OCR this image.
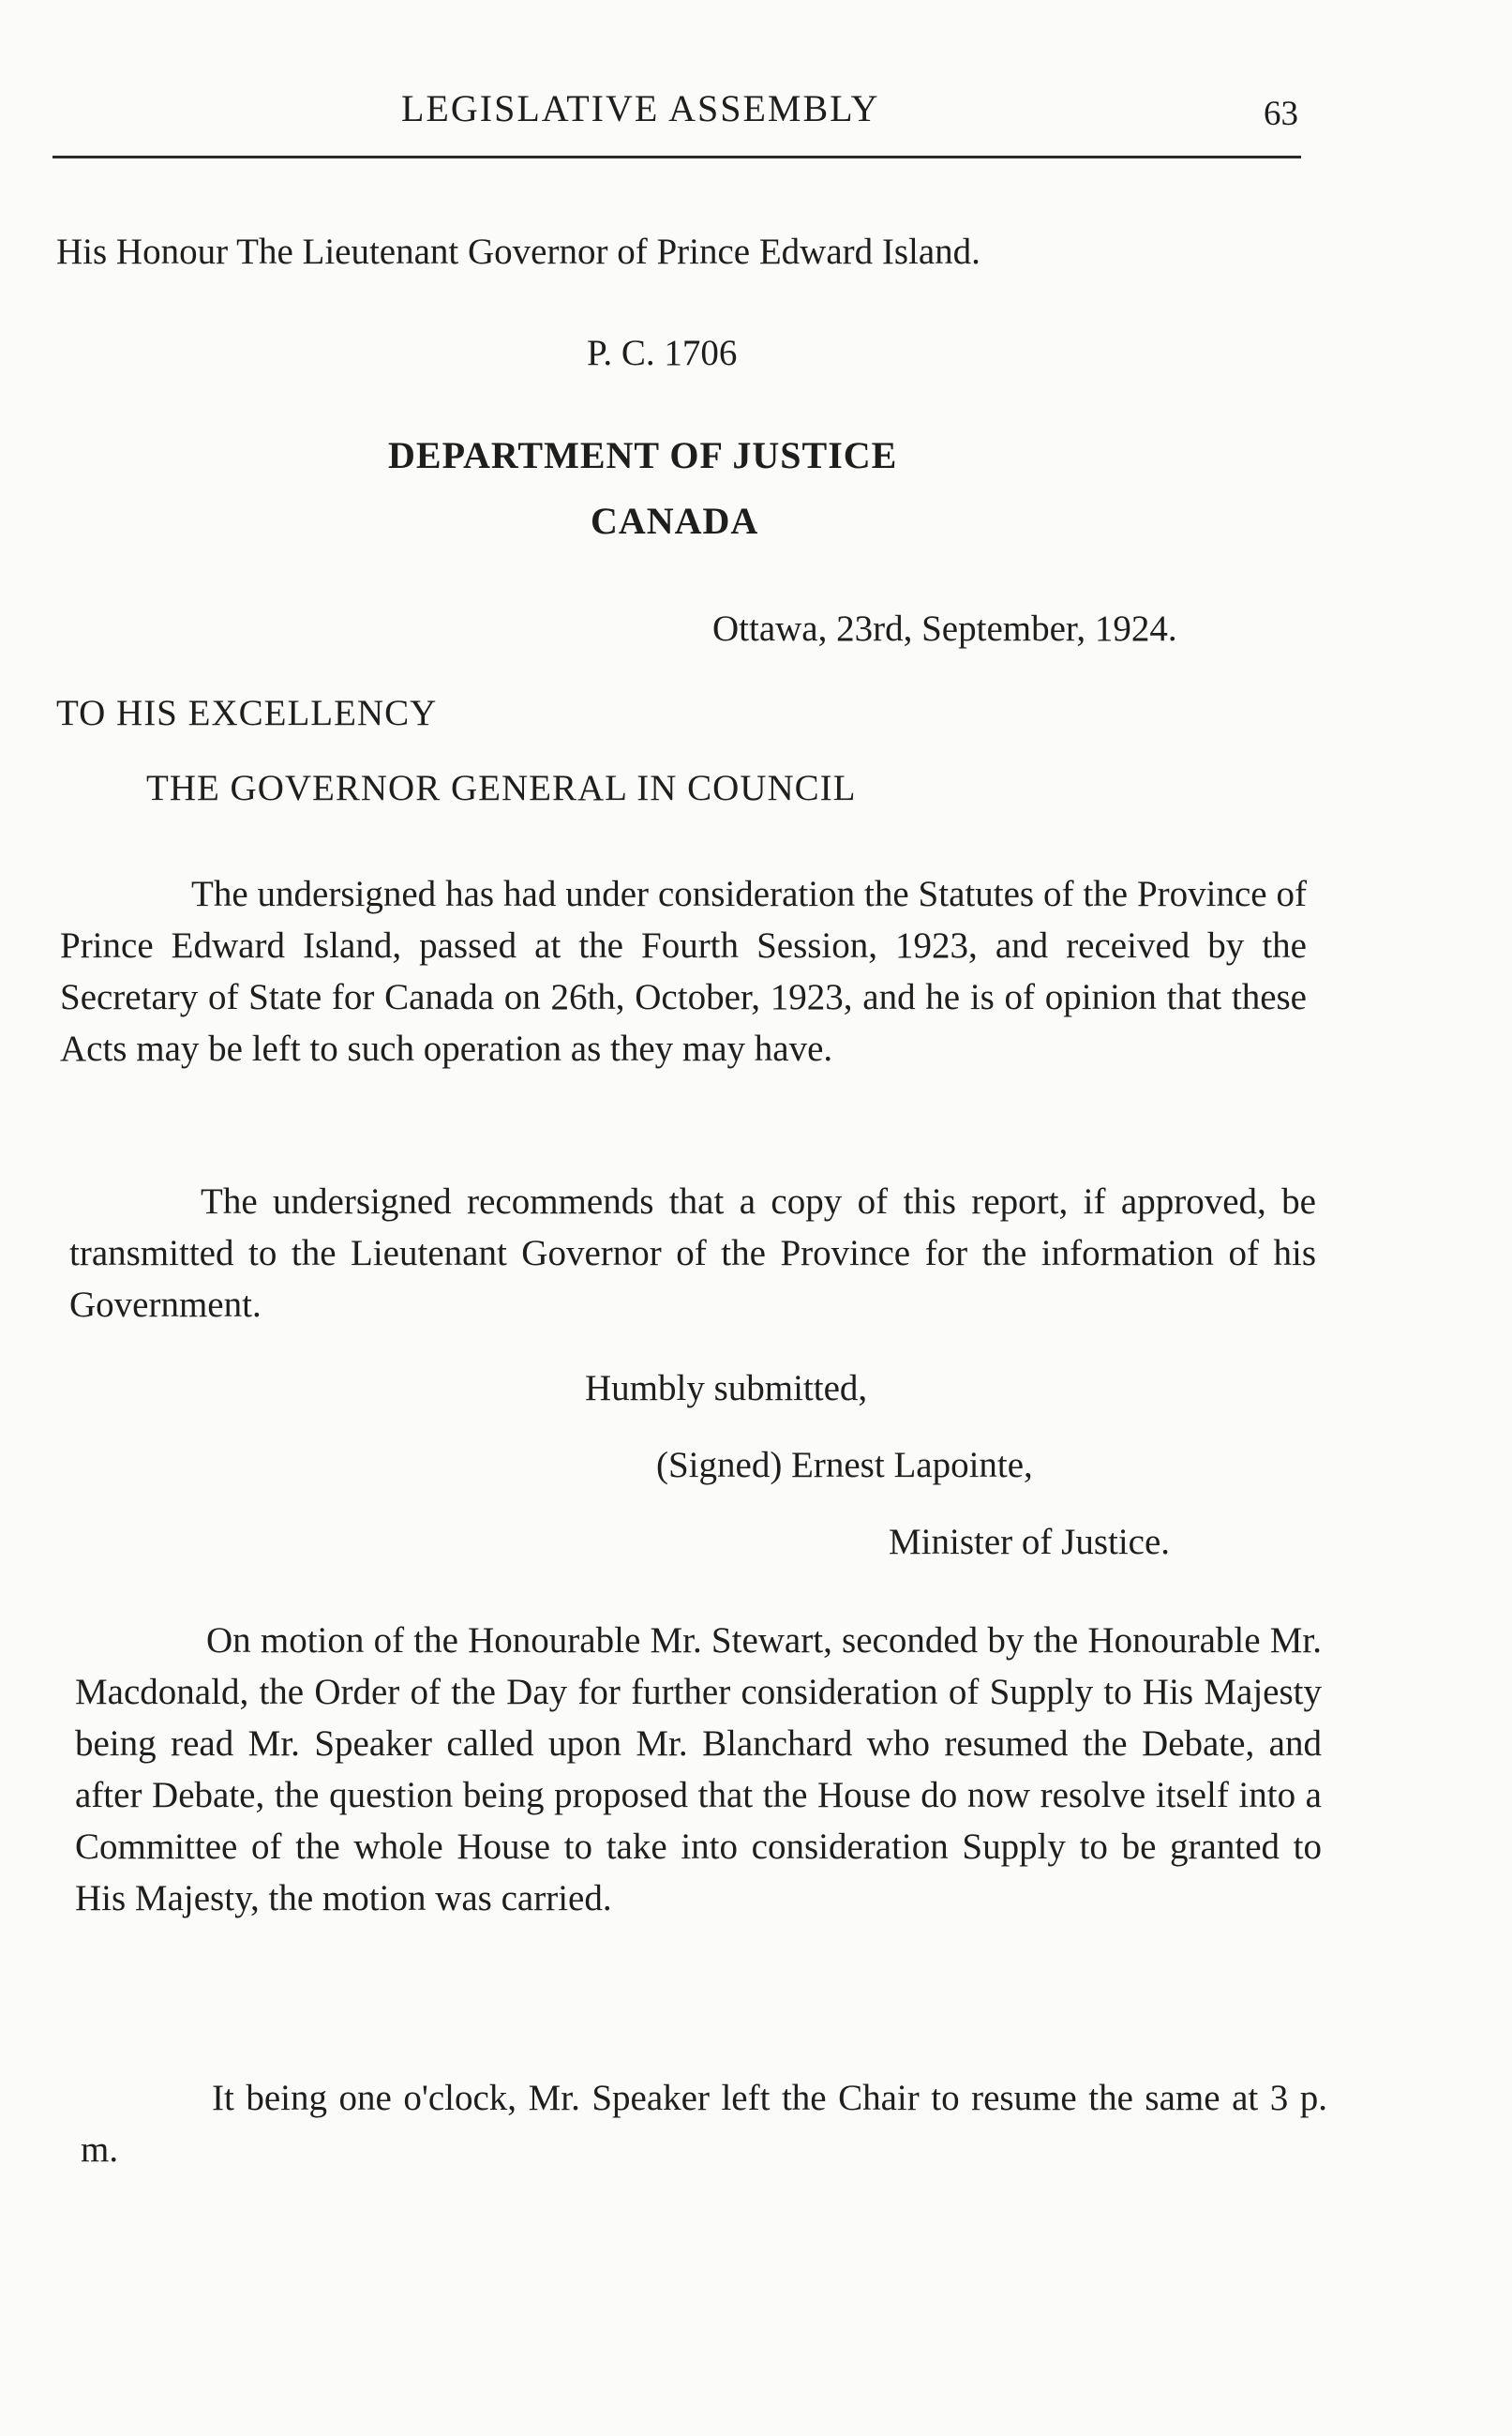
LEGISLATIVE ASSEMBLY	63
His Honour The Lieutenant Governor of Prince Edward Island.
P. C. 1706
DEPARTMENT OF JUSTICE
CANADA
Ottawa, 23rd, September, 1924.
TO HIS EXCELLENCY
THE GOVERNOR GENERAL IN COUNCIL
The undersigned has had under consideration the Statutes of the Province of Prince Edward Island, passed at the Fourth Session, 1923, and received by the Secretary of State for Canada on 26th, October, 1923, and he is of opinion that these Acts may be left to such operation as they may have.
The undersigned recommends that a copy of this report, if approved, be transmitted to the Lieutenant Governor of the Province for the information of his Government.
Humbly submitted,
(Signed) Ernest Lapointe,
Minister of Justice.
On motion of the Honourable Mr. Stewart, seconded by the Honourable Mr. Macdonald, the Order of the Day for further consideration of Supply to His Majesty being read Mr. Speaker called upon Mr. Blanchard who resumed the Debate, and after Debate, the question being proposed that the House do now resolve itself into a Committee of the whole House to take into consideration Supply to be granted to His Majesty, the motion was carried.
It being one o'clock, Mr. Speaker left the Chair to resume the same at 3 p. m.
